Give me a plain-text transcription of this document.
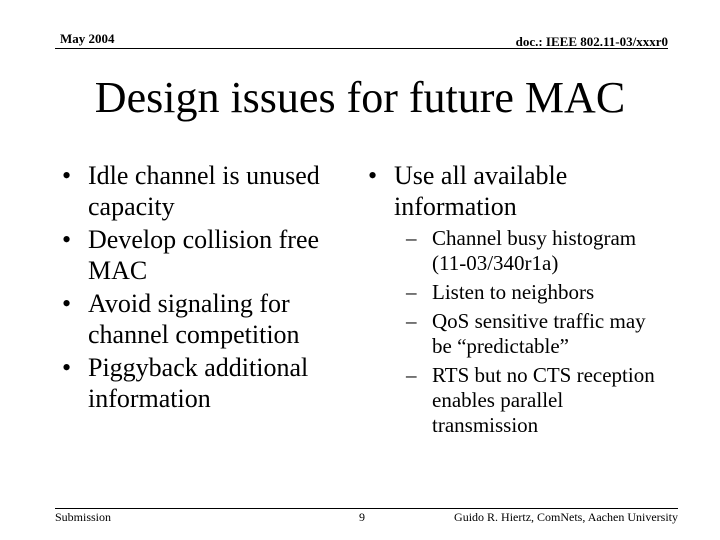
May 2004	doc.: IEEE 802.11-03/xxxr0
Design issues for future MAC
• Idle channel is unused capacity
• Develop collision free MAC
• Avoid signaling for channel competition
• Piggyback additional information
• Use all available information
– Channel busy histogram (11-03/340r1a)
– Listen to neighbors
– QoS sensitive traffic may be “predictable”
– RTS but no CTS reception enables parallel transmission
Submission	9	Guido R. Hiertz, ComNets, Aachen University
